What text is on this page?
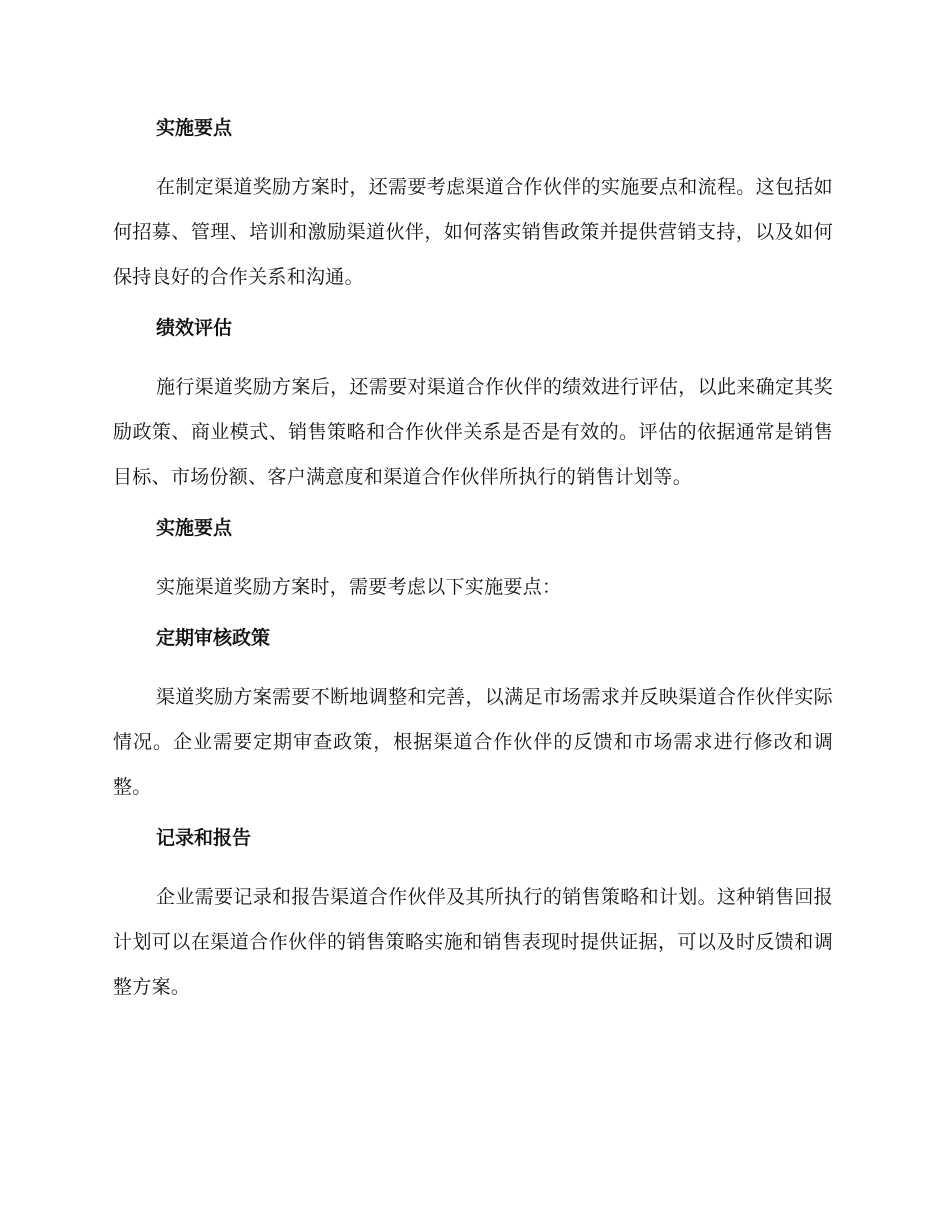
实施要点
在制定渠道奖励方案时，还需要考虑渠道合作伙伴的实施要点和流程。这包括如何招募、管理、培训和激励渠道伙伴，如何落实销售政策并提供营销支持，以及如何保持良好的合作关系和沟通。
绩效评估
施行渠道奖励方案后，还需要对渠道合作伙伴的绩效进行评估，以此来确定其奖励政策、商业模式、销售策略和合作伙伴关系是否是有效的。评估的依据通常是销售目标、市场份额、客户满意度和渠道合作伙伴所执行的销售计划等。
实施要点
实施渠道奖励方案时，需要考虑以下实施要点：
定期审核政策
渠道奖励方案需要不断地调整和完善，以满足市场需求并反映渠道合作伙伴实际情况。企业需要定期审查政策，根据渠道合作伙伴的反馈和市场需求进行修改和调整。
记录和报告
企业需要记录和报告渠道合作伙伴及其所执行的销售策略和计划。这种销售回报计划可以在渠道合作伙伴的销售策略实施和销售表现时提供证据，可以及时反馈和调整方案。
